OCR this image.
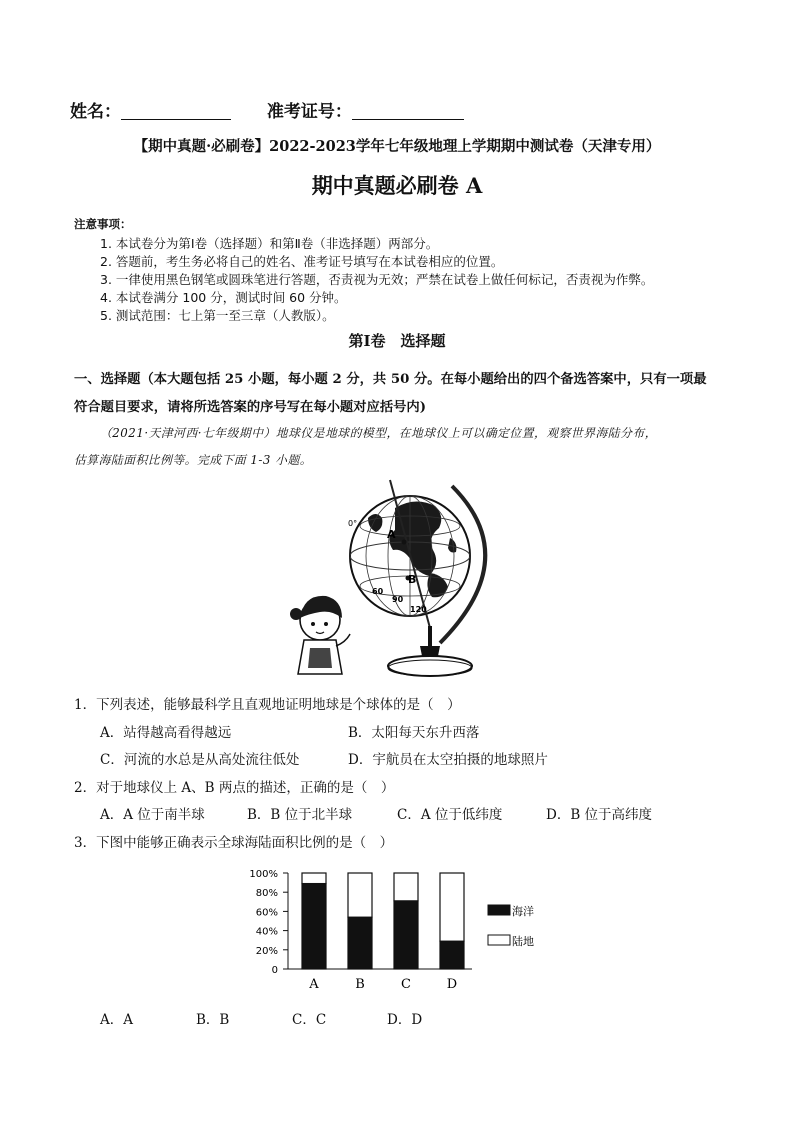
姓名：	准考证号：
【期中真题·必刷卷】2022-2023学年七年级地理上学期期中测试卷（天津专用）
期中真题必刷卷 A
注意事项：
1. 本试卷分为第Ⅰ卷（选择题）和第Ⅱ卷（非选择题）两部分。
2. 答题前，考生务必将自己的姓名、准考证号填写在本试卷相应的位置。
3. 一律使用黑色钢笔或圆珠笔进行答题，否责视为无效；严禁在试卷上做任何标记，否责视为作弊。
4. 本试卷满分 100 分，测试时间 60 分钟。
5. 测试范围：七上第一至三章（人教版）。
第Ⅰ卷　选择题
一、选择题（本大题包括 25 小题，每小题 2 分，共 50 分。在每小题给出的四个备选答案中，只有一项最
符合题目要求，请将所选答案的序号写在每小题对应括号内)
（2021·天津河西·七年级期中）地球仪是地球的模型，在地球仪上可以确定位置，观察世界海陆分布，
估算海陆面积比例等。完成下面 1-3 小题。
A
B
0°
60
90
120
1．下列表述，能够最科学且直观地证明地球是个球体的是（　）
A．站得越高看得越远	B．太阳每天东升西落
C．河流的水总是从高处流往低处	D．宇航员在太空拍摄的地球照片
2．对于地球仪上 A、B 两点的描述，正确的是（　）
A．A 位于南半球	B．B 位于北半球	C．A 位于低纬度	D．B 位于高纬度
3．下图中能够正确表示全球海陆面积比例的是（　）
0
20%
40%
60%
80%
100%
A	B	C	D
海洋
陆地
A．A	B．B	C．C	D．D
